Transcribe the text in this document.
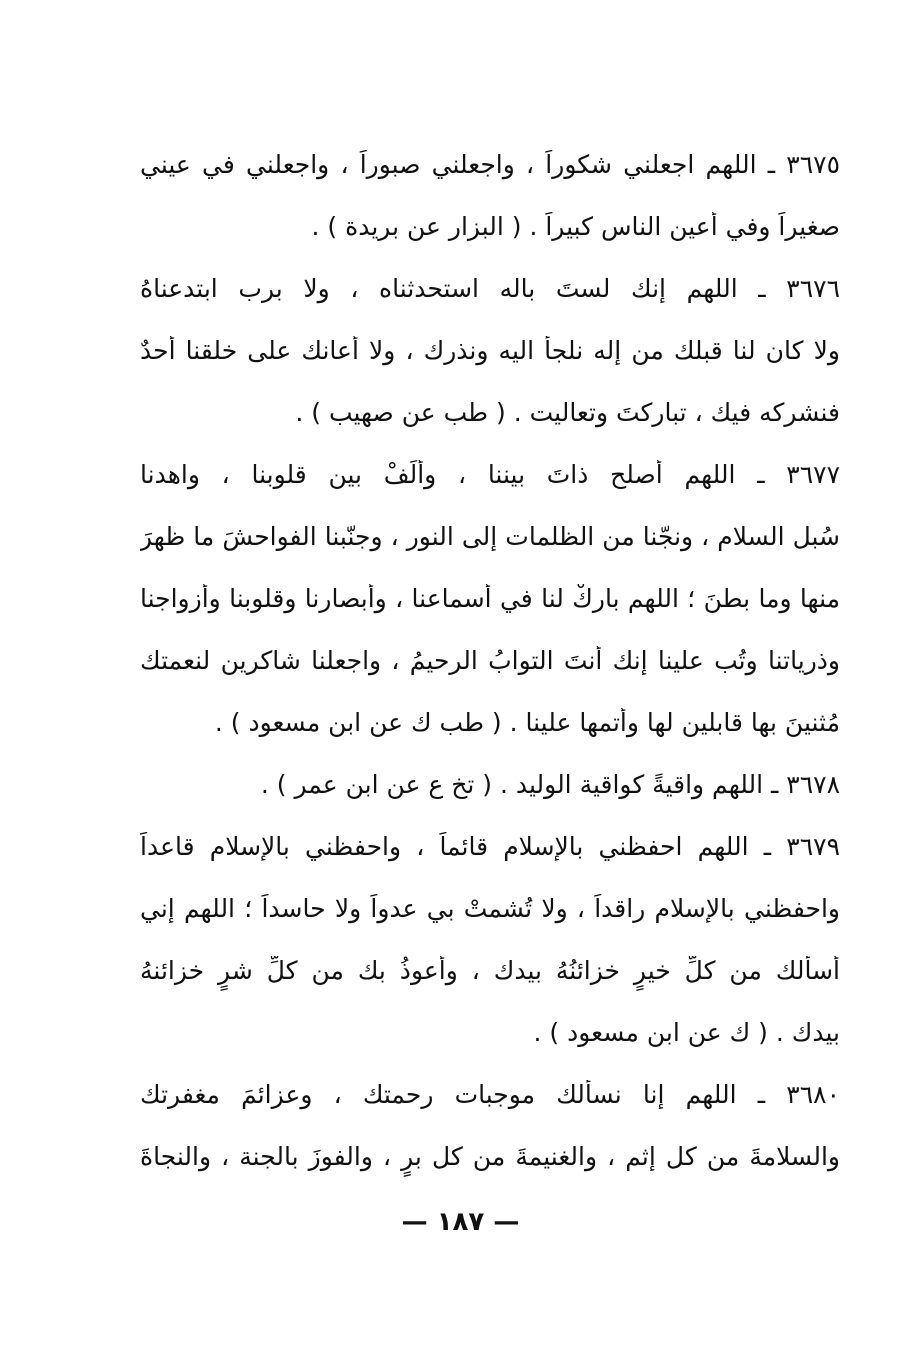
٣٦٧٥ ـ اللهم اجعلني شكوراً ، واجعلني صبوراً ، واجعلني في عيني

صغيراً وفي أعين الناس كبيراً . ( البزار عن بريدة ) .

٣٦٧٦ ـ اللهم إنك لستَ باله استحدثناه ، ولا برب ابتدعناهُ

ولا كان لنا قبلك من إله نلجأ اليه ونذرك ، ولا أعانك على خلقنا أحدٌ

فنشركه فيك ، تباركتَ وتعاليت . ( طب عن صهيب ) .

٣٦٧٧ ـ اللهم أصلح ذاتَ بيننا ، وألِّفْ بين قلوبنا ، واهدنا

سُبل السلام ، ونجّنا من الظلمات إلى النور ، وجنّبنا الفواحشَ ما ظهرَ

منها وما بطنَ ؛ اللهم باركْ لنا في أسماعنا ، وأبصارنا وقلوبنا وأزواجنا

وذرياتنا وتُب علينا إنك أنتَ التوابُ الرحيمُ ، واجعلنا شاكرين لنعمتك

مُثنينَ بها قابلين لها وأتمها علينا . ( طب ك عن ابن مسعود ) .

٣٦٧٨ ـ اللهم واقيةً كواقية الوليد . ( تخ ع عن ابن عمر ) .

٣٦٧٩ ـ اللهم احفظني بالإسلام قائماً ، واحفظني بالإسلام قاعداً

واحفظني بالإسلام راقداً ، ولا تُشمتْ بي عدواً ولا حاسداً ؛ اللهم إني

أسألك من كلِّ خيرٍ خزائنُهُ بيدك ، وأعوذُ بك من كلِّ شرٍ خزائنهُ

بيدك . ( ك عن ابن مسعود ) .

٣٦٨٠ ـ اللهم إنا نسألك موجبات رحمتك ، وعزائمَ مغفرتك

والسلامةَ من كل إثم ، والغنيمةَ من كل برٍ ، والفوزَ بالجنة ، والنجاةَ

— ١٨٧ —
